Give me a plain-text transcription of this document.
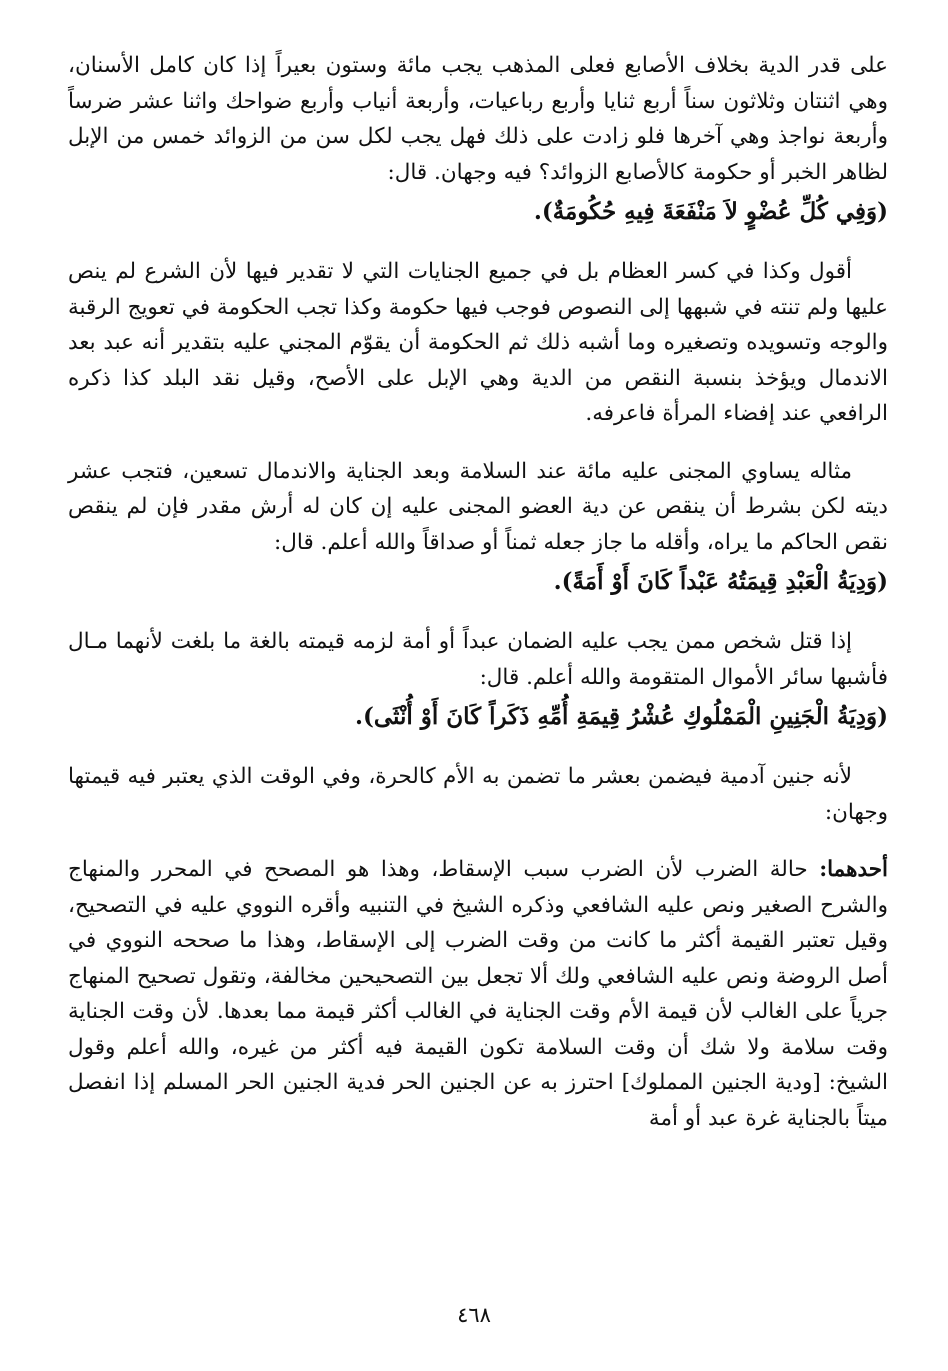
على قدر الدية بخلاف الأصابع فعلى المذهب يجب مائة وستون بعيراً إذا كان كامل الأسنان، وهي اثنتان وثلاثون سناً أربع ثنايا وأربع رباعيات، وأربعة أنياب وأربع ضواحك واثنا عشر ضرساً وأربعة نواجذ وهي آخرها فلو زادت على ذلك فهل يجب لكل سن من الزوائد خمس من الإبل لظاهر الخبر أو حكومة كالأصابع الزوائد؟ فيه وجهان. قال:

(وَفِي كُلِّ عُضْوٍ لاَ مَنْفَعَةَ فِيهِ حُكُومَةٌ).

أقول وكذا في كسر العظام بل في جميع الجنايات التي لا تقدير فيها لأن الشرع لم ينص عليها ولم تنته في شبهها إلى النصوص فوجب فيها حكومة وكذا تجب الحكومة في تعويج الرقبة والوجه وتسويده وتصغيره وما أشبه ذلك ثم الحكومة أن يقوّم المجني عليه بتقدير أنه عبد بعد الاندمال ويؤخذ بنسبة النقص من الدية وهي الإبل على الأصح، وقيل نقد البلد كذا ذكره الرافعي عند إفضاء المرأة فاعرفه.

مثاله يساوي المجنى عليه مائة عند السلامة وبعد الجناية والاندمال تسعين، فتجب عشر ديته لكن بشرط أن ينقص عن دية العضو المجنى عليه إن كان له أرش مقدر فإن لم ينقص نقص الحاكم ما يراه، وأقله ما جاز جعله ثمناً أو صداقاً والله أعلم. قال:

(وَدِيَةُ الْعَبْدِ قِيمَتُهُ عَبْداً كَانَ أَوْ أَمَةً).

إذا قتل شخص ممن يجب عليه الضمان عبداً أو أمة لزمه قيمته بالغة ما بلغت لأنهما مـال فأشبها سائر الأموال المتقومة والله أعلم. قال:

(وَدِيَةُ الْجَنِينِ الْمَمْلُوكِ عُشْرُ قِيمَةِ أُمِّهِ ذَكَراً كَانَ أَوْ أُنْثَى).

لأنه جنين آدمية فيضمن بعشر ما تضمن به الأم كالحرة، وفي الوقت الذي يعتبر فيه قيمتها وجهان:

أحدهما: حالة الضرب لأن الضرب سبب الإسقاط، وهذا هو المصحح في المحرر والمنهاج والشرح الصغير ونص عليه الشافعي وذكره الشيخ في التنبيه وأقره النووي عليه في التصحيح، وقيل تعتبر القيمة أكثر ما كانت من وقت الضرب إلى الإسقاط، وهذا ما صححه النووي في أصل الروضة ونص عليه الشافعي ولك ألا تجعل بين التصحيحين مخالفة، وتقول تصحيح المنهاج جرياً على الغالب لأن قيمة الأم وقت الجناية في الغالب أكثر قيمة مما بعدها. لأن وقت الجناية وقت سلامة ولا شك أن وقت السلامة تكون القيمة فيه أكثر من غيره، والله أعلم وقول الشيخ: [ودية الجنين المملوك] احترز به عن الجنين الحر فدية الجنين الحر المسلم إذا انفصل ميتاً بالجناية غرة عبد أو أمة

٤٦٨
